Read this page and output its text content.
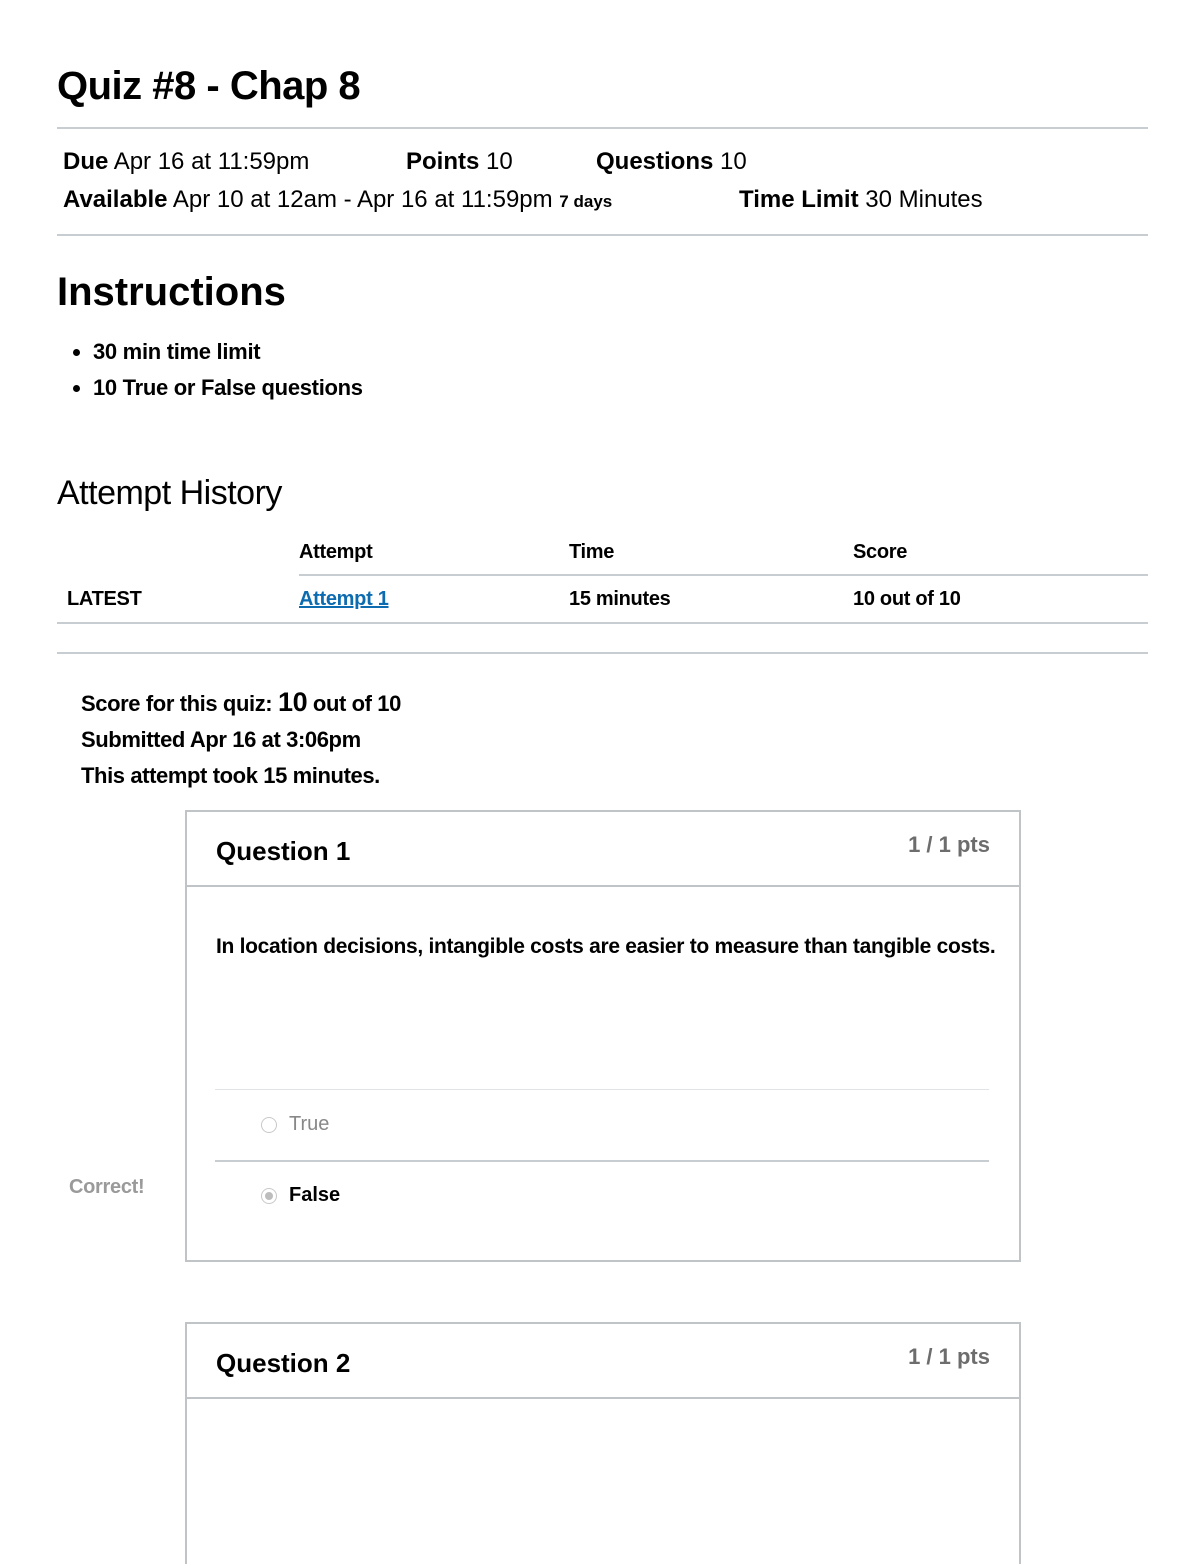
Quiz #8 - Chap 8
Due Apr 16 at 11:59pm	Points 10	Questions 10
Available Apr 10 at 12am - Apr 16 at 11:59pm 7 days	Time Limit 30 Minutes
Instructions
• 30 min time limit
• 10 True or False questions
Attempt History
	Attempt	Time	Score
LATEST	Attempt 1	15 minutes	10 out of 10
Score for this quiz: 10 out of 10
Submitted Apr 16 at 3:06pm
This attempt took 15 minutes.
Question 1	1 / 1 pts
In location decisions, intangible costs are easier to measure than tangible costs.
True
False
Correct!
Question 2	1 / 1 pts
